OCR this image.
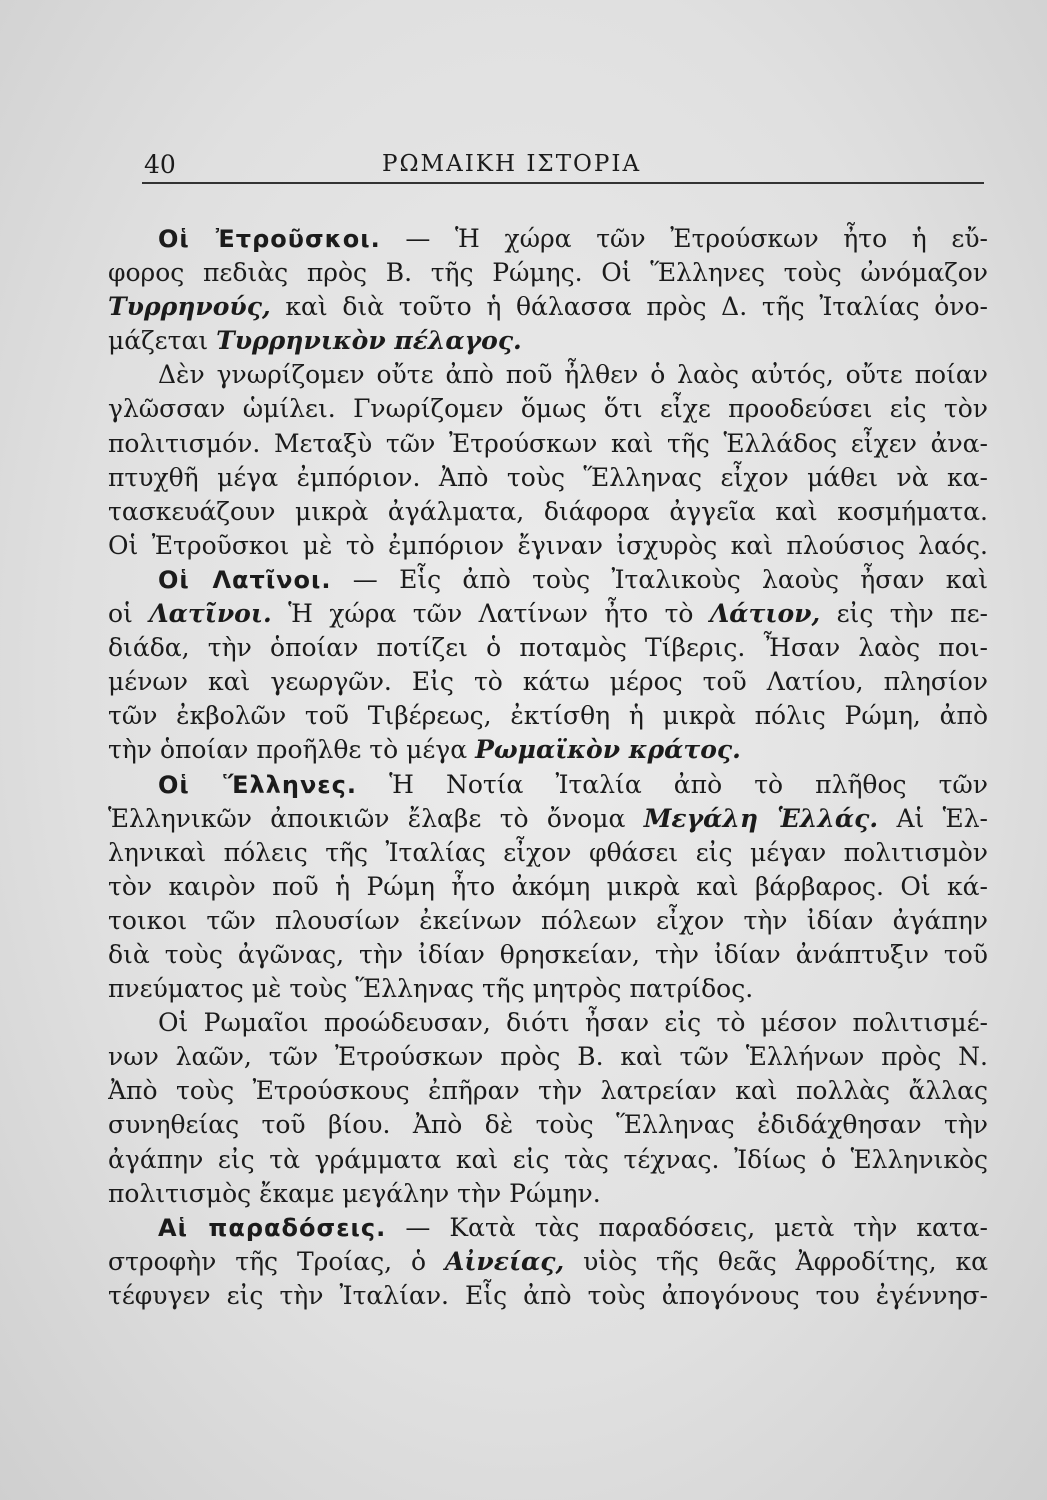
40	ΡΩΜΑΙΚΗ ΙΣΤΟΡΙΑ
Οἱ Ἐτροῦσκοι. — Ἡ χώρα τῶν Ἐτρούσκων ἦτο ἡ εὔ-
φορος πεδιὰς πρὸς Β. τῆς Ρώμης. Οἱ Ἕλληνες τοὺς ὠνόμαζον
Τυρρηνούς, καὶ διὰ τοῦτο ἡ θάλασσα πρὸς Δ. τῆς Ἰταλίας ὀνο-
μάζεται Τυρρηνικὸν πέλαγος.
Δὲν γνωρίζομεν οὔτε ἀπὸ ποῦ ἦλθεν ὁ λαὸς αὐτός, οὔτε ποίαν
γλῶσσαν ὡμίλει. Γνωρίζομεν ὅμως ὅτι εἶχε προοδεύσει εἰς τὸν
πολιτισμόν. Μεταξὺ τῶν Ἐτρούσκων καὶ τῆς Ἑλλάδος εἶχεν ἀνα-
πτυχθῆ μέγα ἐμπόριον. Ἀπὸ τοὺς Ἕλληνας εἶχον μάθει νὰ κα-
τασκευάζουν μικρὰ ἀγάλματα, διάφορα ἀγγεῖα καὶ κοσμήματα.
Οἱ Ἐτροῦσκοι μὲ τὸ ἐμπόριον ἔγιναν ἰσχυρὸς καὶ πλούσιος λαός.
Οἱ Λατῖνοι. — Εἷς ἀπὸ τοὺς Ἰταλικοὺς λαοὺς ἦσαν καὶ
οἱ Λατῖνοι. Ἡ χώρα τῶν Λατίνων ἦτο τὸ Λάτιον, εἰς τὴν πε-
διάδα, τὴν ὁποίαν ποτίζει ὁ ποταμὸς Τίβερις. Ἦσαν λαὸς ποι-
μένων καὶ γεωργῶν. Εἰς τὸ κάτω μέρος τοῦ Λατίου, πλησίον
τῶν ἐκβολῶν τοῦ Τιβέρεως, ἐκτίσθη ἡ μικρὰ πόλις Ρώμη, ἀπὸ
τὴν ὁποίαν προῆλθε τὸ μέγα Ρωμαϊκὸν κράτος.
Οἱ Ἕλληνες. Ἡ Νοτία Ἰταλία ἀπὸ τὸ πλῆθος τῶν
Ἑλληνικῶν ἀποικιῶν ἔλαβε τὸ ὄνομα Μεγάλη Ἑλλάς. Αἱ Ἑλ-
ληνικαὶ πόλεις τῆς Ἰταλίας εἶχον φθάσει εἰς μέγαν πολιτισμὸν
τὸν καιρὸν ποῦ ἡ Ρώμη ἦτο ἀκόμη μικρὰ καὶ βάρβαρος. Οἱ κά-
τοικοι τῶν πλουσίων ἐκείνων πόλεων εἶχον τὴν ἰδίαν ἀγάπην
διὰ τοὺς ἀγῶνας, τὴν ἰδίαν θρησκείαν, τὴν ἰδίαν ἀνάπτυξιν τοῦ
πνεύματος μὲ τοὺς Ἕλληνας τῆς μητρὸς πατρίδος.
Οἱ Ρωμαῖοι προώδευσαν, διότι ἦσαν εἰς τὸ μέσον πολιτισμέ-
νων λαῶν, τῶν Ἐτρούσκων πρὸς Β. καὶ τῶν Ἑλλήνων πρὸς Ν.
Ἀπὸ τοὺς Ἐτρούσκους ἐπῆραν τὴν λατρείαν καὶ πολλὰς ἄλλας
συνηθείας τοῦ βίου. Ἀπὸ δὲ τοὺς Ἕλληνας ἐδιδάχθησαν τὴν
ἀγάπην εἰς τὰ γράμματα καὶ εἰς τὰς τέχνας. Ἰδίως ὁ Ἑλληνικὸς
πολιτισμὸς ἔκαμε μεγάλην τὴν Ρώμην.
Αἱ παραδόσεις. — Κατὰ τὰς παραδόσεις, μετὰ τὴν κατα-
στροφὴν τῆς Τροίας, ὁ Αἰνείας, υἱὸς τῆς θεᾶς Ἀφροδίτης, κα
τέφυγεν εἰς τὴν Ἰταλίαν. Εἷς ἀπὸ τοὺς ἀπογόνους του ἐγέννησ-
